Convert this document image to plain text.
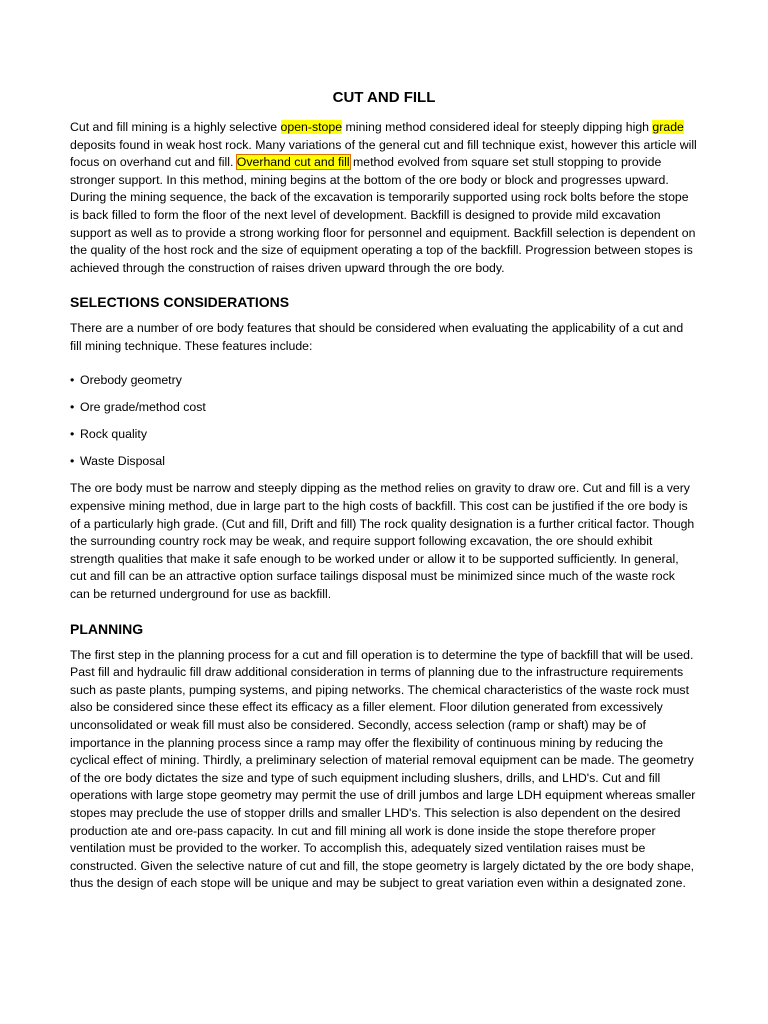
CUT AND FILL

Cut and fill mining is a highly selective open-stope mining method considered ideal for steeply dipping high grade deposits found in weak host rock. Many variations of the general cut and fill technique exist, however this article will focus on overhand cut and fill. Overhand cut and fill method evolved from square set stull stopping to provide stronger support. In this method, mining begins at the bottom of the ore body or block and progresses upward. During the mining sequence, the back of the excavation is temporarily supported using rock bolts before the stope is back filled to form the floor of the next level of development. Backfill is designed to provide mild excavation support as well as to provide a strong working floor for personnel and equipment. Backfill selection is dependent on the quality of the host rock and the size of equipment operating a top of the backfill. Progression between stopes is achieved through the construction of raises driven upward through the ore body.

SELECTIONS CONSIDERATIONS

There are a number of ore body features that should be considered when evaluating the applicability of a cut and fill mining technique. These features include:

• Orebody geometry
• Ore grade/method cost
• Rock quality
• Waste Disposal

The ore body must be narrow and steeply dipping as the method relies on gravity to draw ore. Cut and fill is a very expensive mining method, due in large part to the high costs of backfill. This cost can be justified if the ore body is of a particularly high grade. (Cut and fill, Drift and fill) The rock quality designation is a further critical factor. Though the surrounding country rock may be weak, and require support following excavation, the ore should exhibit strength qualities that make it safe enough to be worked under or allow it to be supported sufficiently. In general, cut and fill can be an attractive option surface tailings disposal must be minimized since much of the waste rock can be returned underground for use as backfill.

PLANNING

The first step in the planning process for a cut and fill operation is to determine the type of backfill that will be used. Past fill and hydraulic fill draw additional consideration in terms of planning due to the infrastructure requirements such as paste plants, pumping systems, and piping networks. The chemical characteristics of the waste rock must also be considered since these effect its efficacy as a filler element. Floor dilution generated from excessively unconsolidated or weak fill must also be considered. Secondly, access selection (ramp or shaft) may be of importance in the planning process since a ramp may offer the flexibility of continuous mining by reducing the cyclical effect of mining. Thirdly, a preliminary selection of material removal equipment can be made. The geometry of the ore body dictates the size and type of such equipment including slushers, drills, and LHD's. Cut and fill operations with large stope geometry may permit the use of drill jumbos and large LDH equipment whereas smaller stopes may preclude the use of stopper drills and smaller LHD's. This selection is also dependent on the desired production ate and ore-pass capacity. In cut and fill mining all work is done inside the stope therefore proper ventilation must be provided to the worker. To accomplish this, adequately sized ventilation raises must be constructed. Given the selective nature of cut and fill, the stope geometry is largely dictated by the ore body shape, thus the design of each stope will be unique and may be subject to great variation even within a designated zone.
